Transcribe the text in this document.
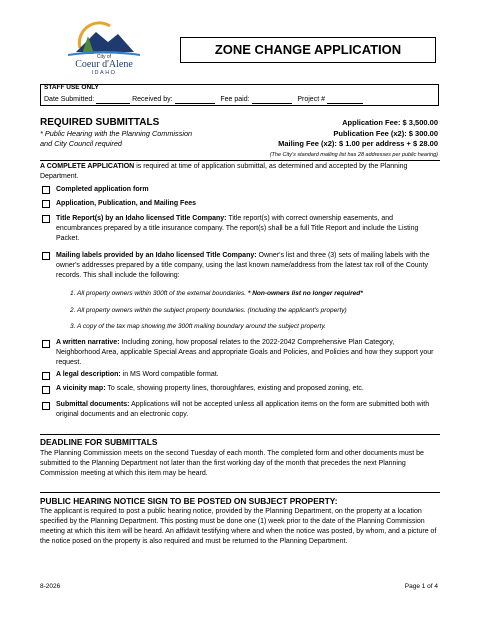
City of
Coeur d'Alene
IDAHO
ZONE CHANGE APPLICATION
STAFF USE ONLY
Date Submitted:	Received by:	Fee paid:	Project #
REQUIRED SUBMITTALS
* Public Hearing with the Planning Commission
and City Council required
Application Fee: $ 3,500.00
Publication Fee (x2): $ 300.00
Mailing Fee (x2): $ 1.00 per address + $ 28.00
(The City's standard mailing list has 28 addresses per public hearing)
A COMPLETE APPLICATION is required at time of application submittal, as determined and accepted by the Planning Department.
Completed application form
Application, Publication, and Mailing Fees
Title Report(s) by an Idaho licensed Title Company: Title report(s) with correct ownership easements, and encumbrances prepared by a title insurance company. The report(s) shall be a full Title Report and include the Listing Packet.
Mailing labels provided by an Idaho licensed Title Company: Owner's list and three (3) sets of mailing labels with the owner's addresses prepared by a title company, using the last known name/address from the latest tax roll of the County records. This shall include the following:
1. All property owners within 300ft of the external boundaries. * Non-owners list no longer required*
2. All property owners within the subject property boundaries. (Including the applicant's property)
3. A copy of the tax map showing the 300ft mailing boundary around the subject property.
A written narrative: Including zoning, how proposal relates to the 2022-2042 Comprehensive Plan Category, Neighborhood Area, applicable Special Areas and appropriate Goals and Policies, and Policies and how they support your request.
A legal description: in MS Word compatible format.
A vicinity map: To scale, showing property lines, thoroughfares, existing and proposed zoning, etc.
Submittal documents: Applications will not be accepted unless all application items on the form are submitted both with original documents and an electronic copy.
DEADLINE FOR SUBMITTALS
The Planning Commission meets on the second Tuesday of each month. The completed form and other documents must be submitted to the Planning Department not later than the first working day of the month that precedes the next Planning Commission meeting at which this item may be heard.
PUBLIC HEARING NOTICE SIGN TO BE POSTED ON SUBJECT PROPERTY:
The applicant is required to post a public hearing notice, provided by the Planning Department, on the property at a location specified by the Planning Department. This posting must be done one (1) week prior to the date of the Planning Commission meeting at which this item will be heard. An affidavit testifying where and when the notice was posted, by whom, and a picture of the notice posed on the property is also required and must be returned to the Planning Department.
8-2026	Page 1 of 4
